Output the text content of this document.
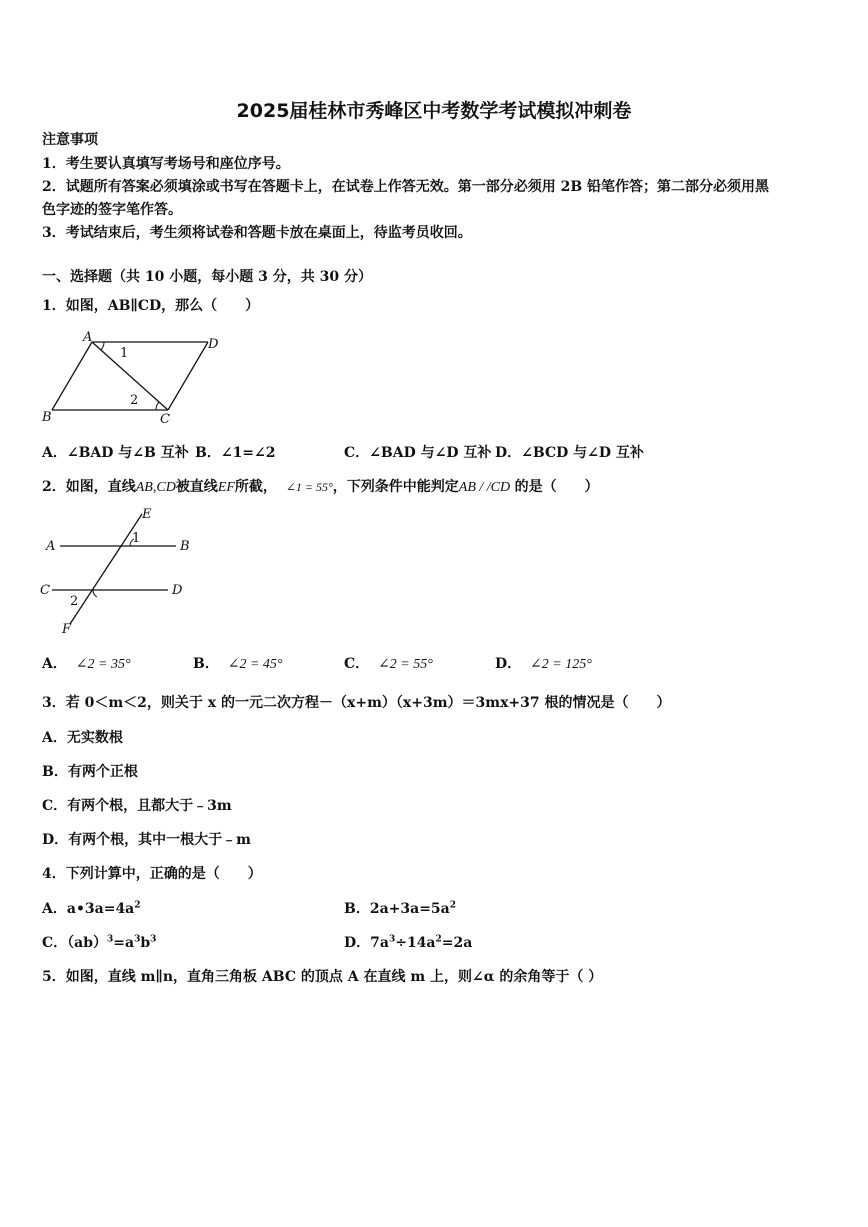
2025届桂林市秀峰区中考数学考试模拟冲刺卷
注意事项
1．考生要认真填写考场号和座位序号。
2．试题所有答案必须填涂或书写在答题卡上，在试卷上作答无效。第一部分必须用 2B 铅笔作答；第二部分必须用黑
色字迹的签字笔作答。
3．考试结束后，考生须将试卷和答题卡放在桌面上，待监考员收回。
一、选择题（共 10 小题，每小题 3 分，共 30 分）
1．如图，AB∥CD，那么（　　）
A	D
B	C
1
2
A．∠BAD 与∠B 互补 B．∠1=∠2	C．∠BAD 与∠D 互补 D．∠BCD 与∠D 互补
2．如图，直线AB,CD被直线EF所截， ∠1 = 55°，下列条件中能判定AB / /CD 的是（　　）
E
A	B
1
C	D
2
F
A． ∠2 = 35°	B． ∠2 = 45°	C． ∠2 = 55°	D． ∠2 = 125°
3．若 0＜m＜2，则关于 x 的一元二次方程－（x+m）（x+3m）＝3mx+37 根的情况是（　　）
A．无实数根
B．有两个正根
C．有两个根，且都大于﹣3m
D．有两个根，其中一根大于﹣m
4．下列计算中，正确的是（　　）
A．$a•3a=4a^2$	B．$2a+3a=5a^2$
C．$(ab)^3=a^3b^3$	D．$7a^3\div 14a^2=2a$
5．如图，直线 m∥n，直角三角板 ABC 的顶点 A 在直线 m 上，则∠α 的余角等于（ ）
